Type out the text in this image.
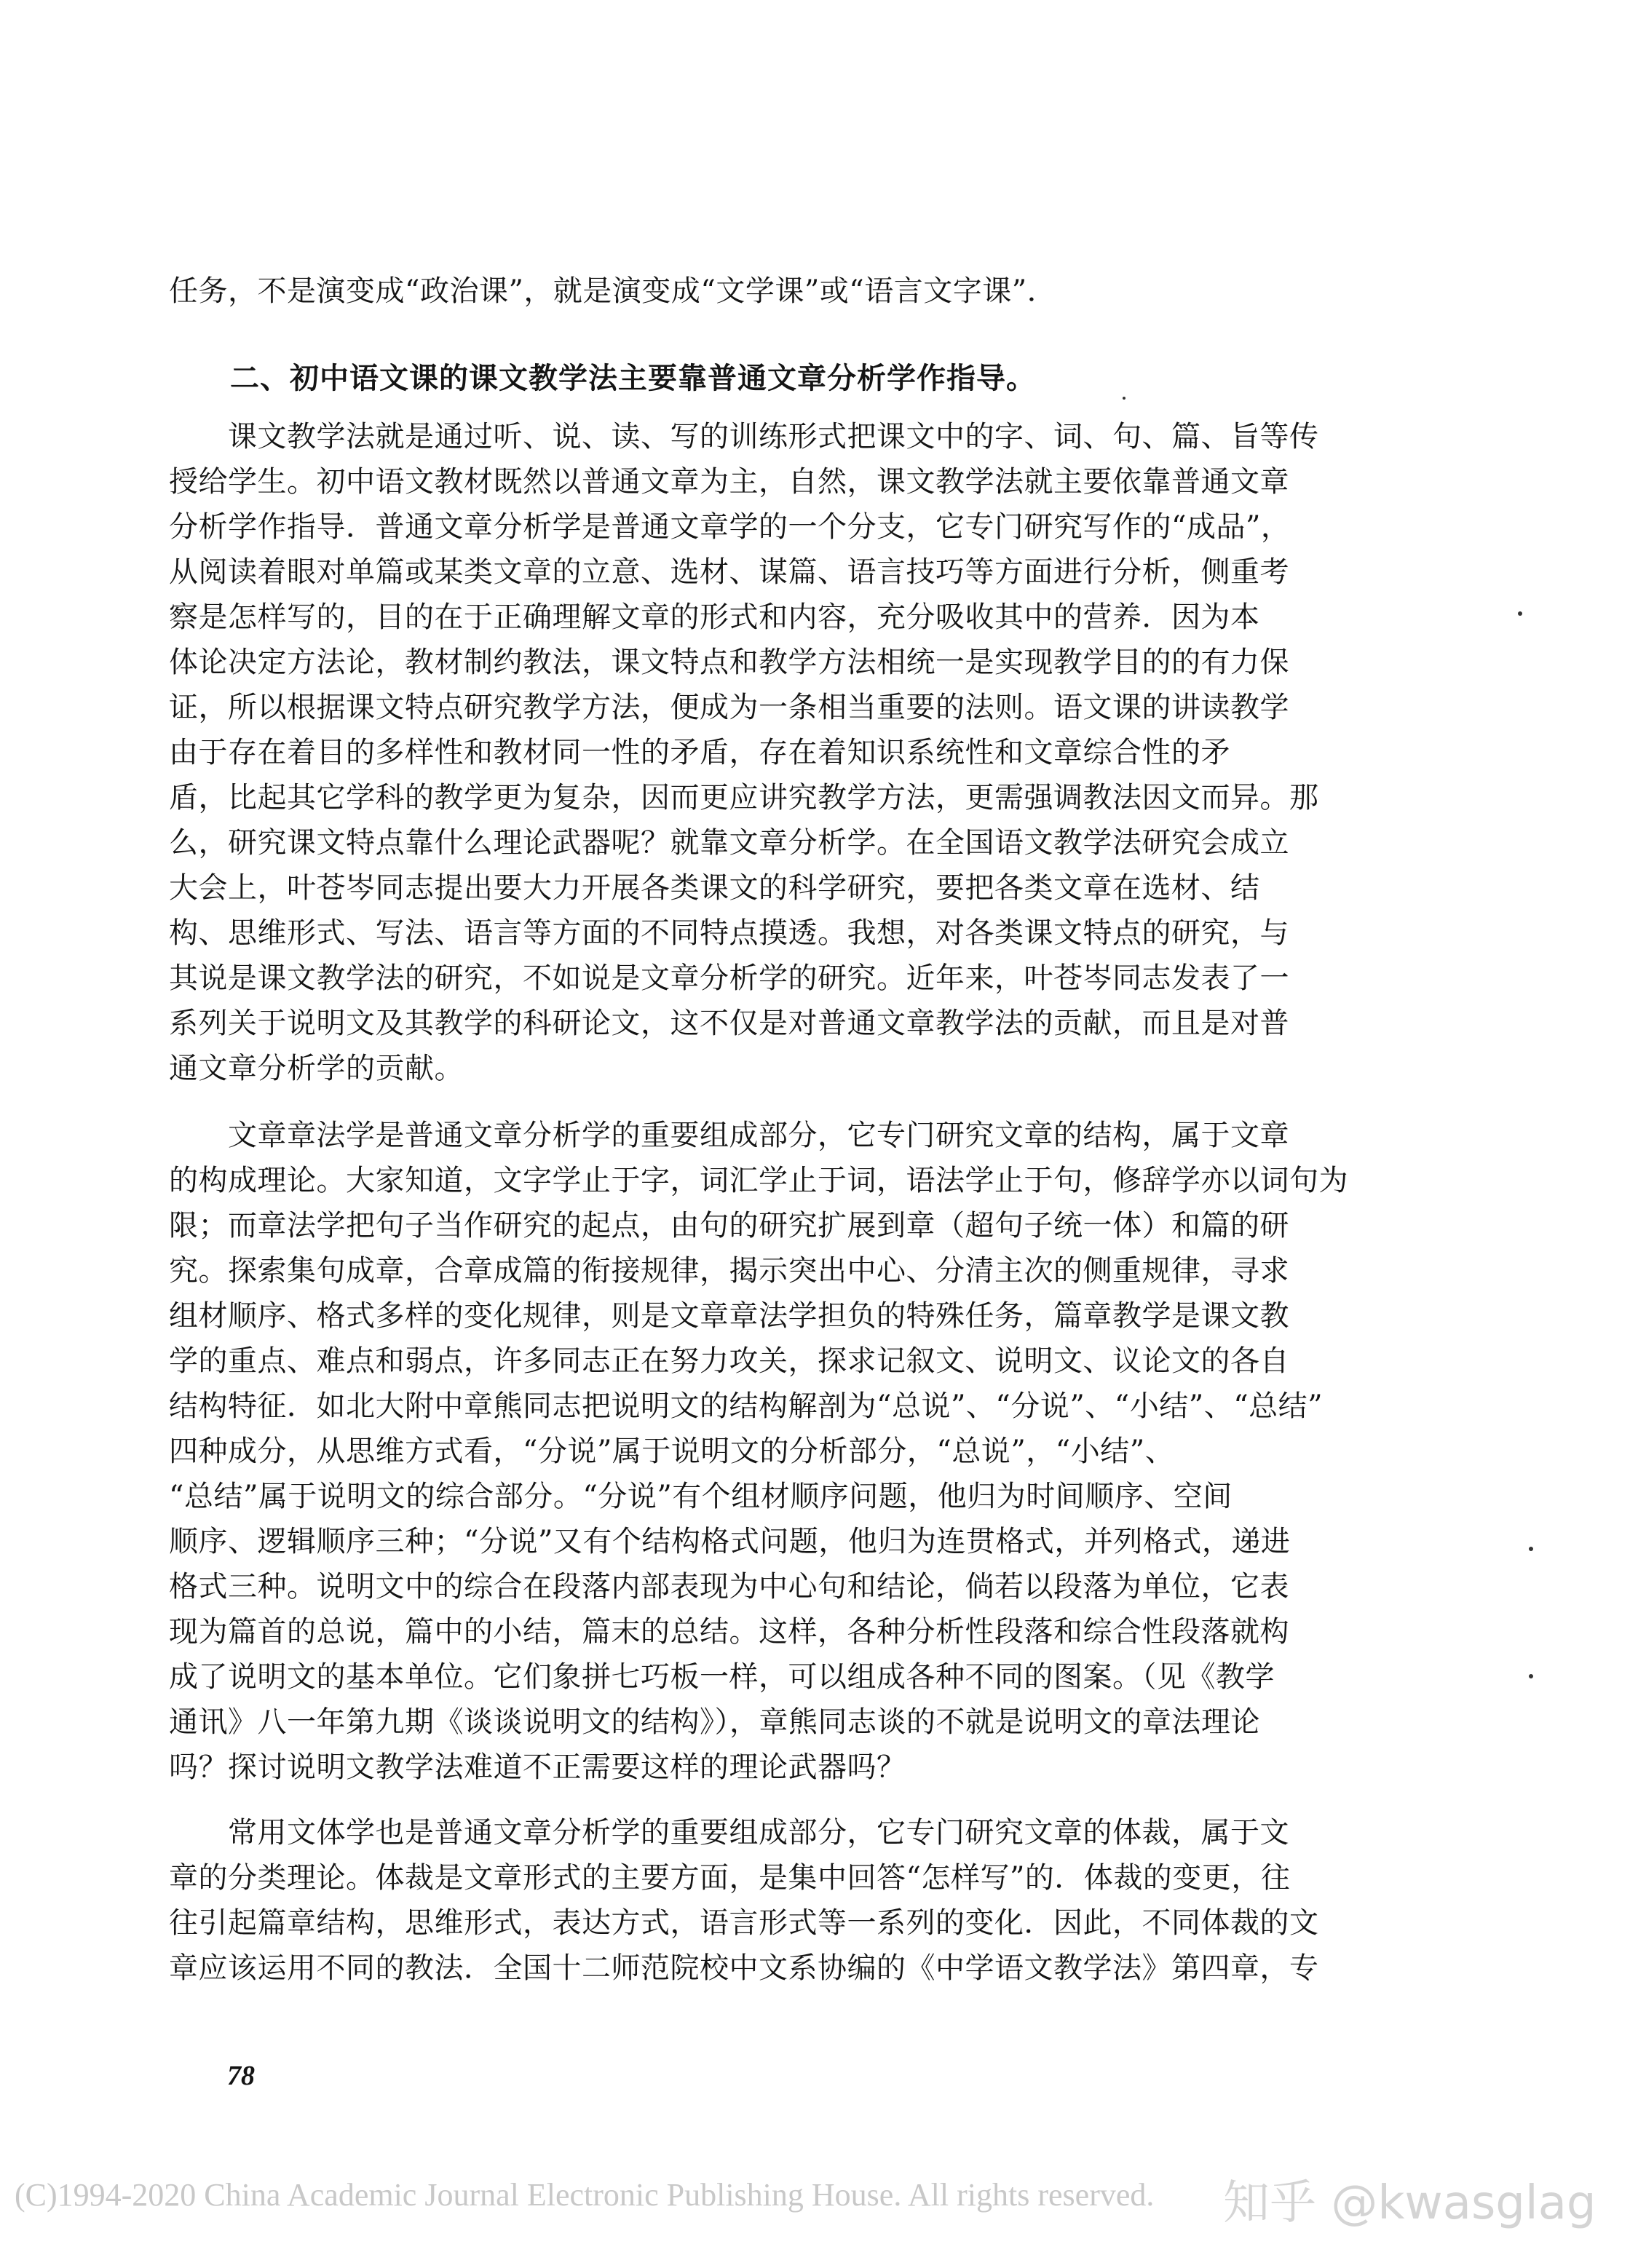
任务，不是演变成“政治课”，就是演变成“文学课”或“语言文字课”．
二、初中语文课的课文教学法主要靠普通文章分析学作指导。
　　课文教学法就是通过听、说、读、写的训练形式把课文中的字、词、句、篇、旨等传
授给学生。初中语文教材既然以普通文章为主，自然，课文教学法就主要依靠普通文章
分析学作指导．普通文章分析学是普通文章学的一个分支，它专门研究写作的“成品”，
从阅读着眼对单篇或某类文章的立意、选材、谋篇、语言技巧等方面进行分析，侧重考
察是怎样写的，目的在于正确理解文章的形式和内容，充分吸收其中的营养．因为本
体论决定方法论，教材制约教法，课文特点和教学方法相统一是实现教学目的的有力保
证，所以根据课文特点研究教学方法，便成为一条相当重要的法则。语文课的讲读教学
由于存在着目的多样性和教材同一性的矛盾，存在着知识系统性和文章综合性的矛
盾，比起其它学科的教学更为复杂，因而更应讲究教学方法，更需强调教法因文而异。那
么，研究课文特点靠什么理论武器呢？就靠文章分析学。在全国语文教学法研究会成立
大会上，叶苍岑同志提出要大力开展各类课文的科学研究，要把各类文章在选材、结
构、思维形式、写法、语言等方面的不同特点摸透。我想，对各类课文特点的研究，与
其说是课文教学法的研究，不如说是文章分析学的研究。近年来，叶苍岑同志发表了一
系列关于说明文及其教学的科研论文，这不仅是对普通文章教学法的贡献，而且是对普
通文章分析学的贡献。
　　文章章法学是普通文章分析学的重要组成部分，它专门研究文章的结构，属于文章
的构成理论。大家知道，文字学止于字，词汇学止于词，语法学止于句，修辞学亦以词句为
限；而章法学把句子当作研究的起点，由句的研究扩展到章（超句子统一体）和篇的研
究。探索集句成章，合章成篇的衔接规律，揭示突出中心、分清主次的侧重规律，寻求
组材顺序、格式多样的变化规律，则是文章章法学担负的特殊任务，篇章教学是课文教
学的重点、难点和弱点，许多同志正在努力攻关，探求记叙文、说明文、议论文的各自
结构特征．如北大附中章熊同志把说明文的结构解剖为“总说”、“分说”、“小结”、“总结”
四种成分，从思维方式看，“分说”属于说明文的分析部分，“总说”，“小结”、
“总结”属于说明文的综合部分。“分说”有个组材顺序问题，他归为时间顺序、空间
顺序、逻辑顺序三种；“分说”又有个结构格式问题，他归为连贯格式，并列格式，递进
格式三种。说明文中的综合在段落内部表现为中心句和结论，倘若以段落为单位，它表
现为篇首的总说，篇中的小结，篇末的总结。这样，各种分析性段落和综合性段落就构
成了说明文的基本单位。它们象拼七巧板一样，可以组成各种不同的图案。（见《教学
通讯》八一年第九期《谈谈说明文的结构》），章熊同志谈的不就是说明文的章法理论
吗？探讨说明文教学法难道不正需要这样的理论武器吗？
　　常用文体学也是普通文章分析学的重要组成部分，它专门研究文章的体裁，属于文
章的分类理论。体裁是文章形式的主要方面，是集中回答“怎样写”的．体裁的变更，往
往引起篇章结构，思维形式，表达方式，语言形式等一系列的变化．因此，不同体裁的文
章应该运用不同的教法．全国十二师范院校中文系协编的《中学语文教学法》第四章，专
78
(C)1994-2020 China Academic Journal Electronic Publishing House. All rights reserved. 知乎 @kwasglag
